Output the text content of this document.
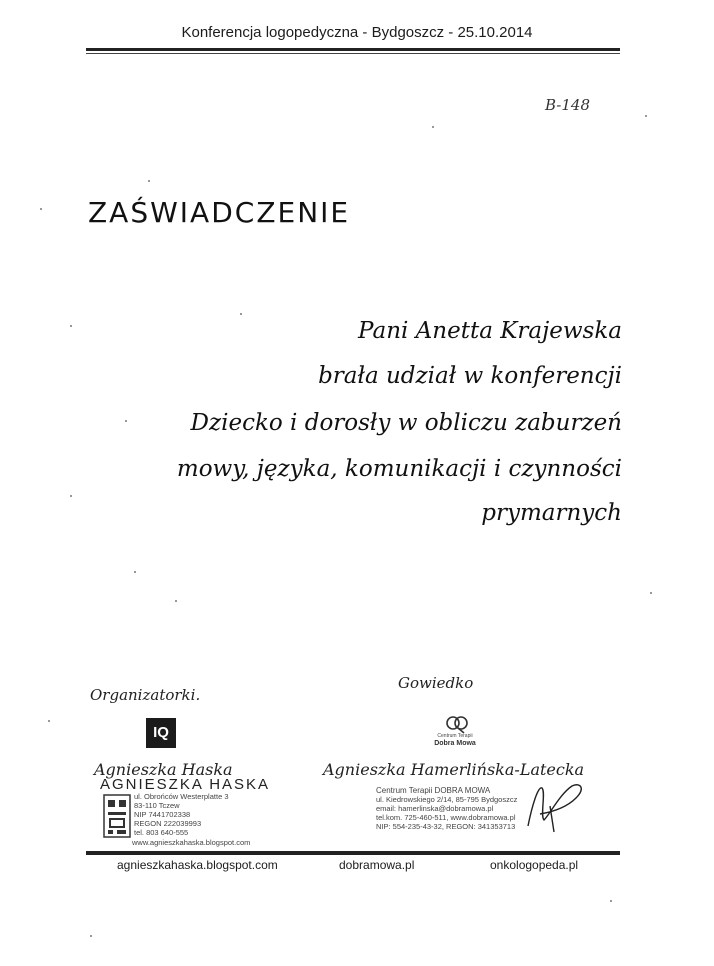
Konferencja logopedyczna - Bydgoszcz - 25.10.2014
B-148
ZAŚWIADCZENIE
Pani Anetta Krajewska
brała udział w konferencji
Dziecko i dorosły w obliczu zaburzeń
mowy, języka, komunikacji i czynności
prymarnych
Organizatorki.
IQ
Gowiedko
Centrum Terapii
Dobra Mowa
Agnieszka Haska	Agnieszka Hamerlińska-Latecka
AGNIESZKA HASKA
ul. Obrońców Westerplatte 3
83-110 Tczew
NIP 7441702338
REGON 222039993
tel. 803 640-555
www.agnieszkahaska.blogspot.com
Centrum Terapii DOBRA MOWA
ul. Kiedrowskiego 2/14, 85-795 Bydgoszcz
email: hamerlinska@dobramowa.pl
tel.kom. 725-460-511, www.dobramowa.pl
NIP: 554-235-43-32, REGON: 341353713
agnieszkahaska.blogspot.com	dobramowa.pl	onkologopeda.pl
